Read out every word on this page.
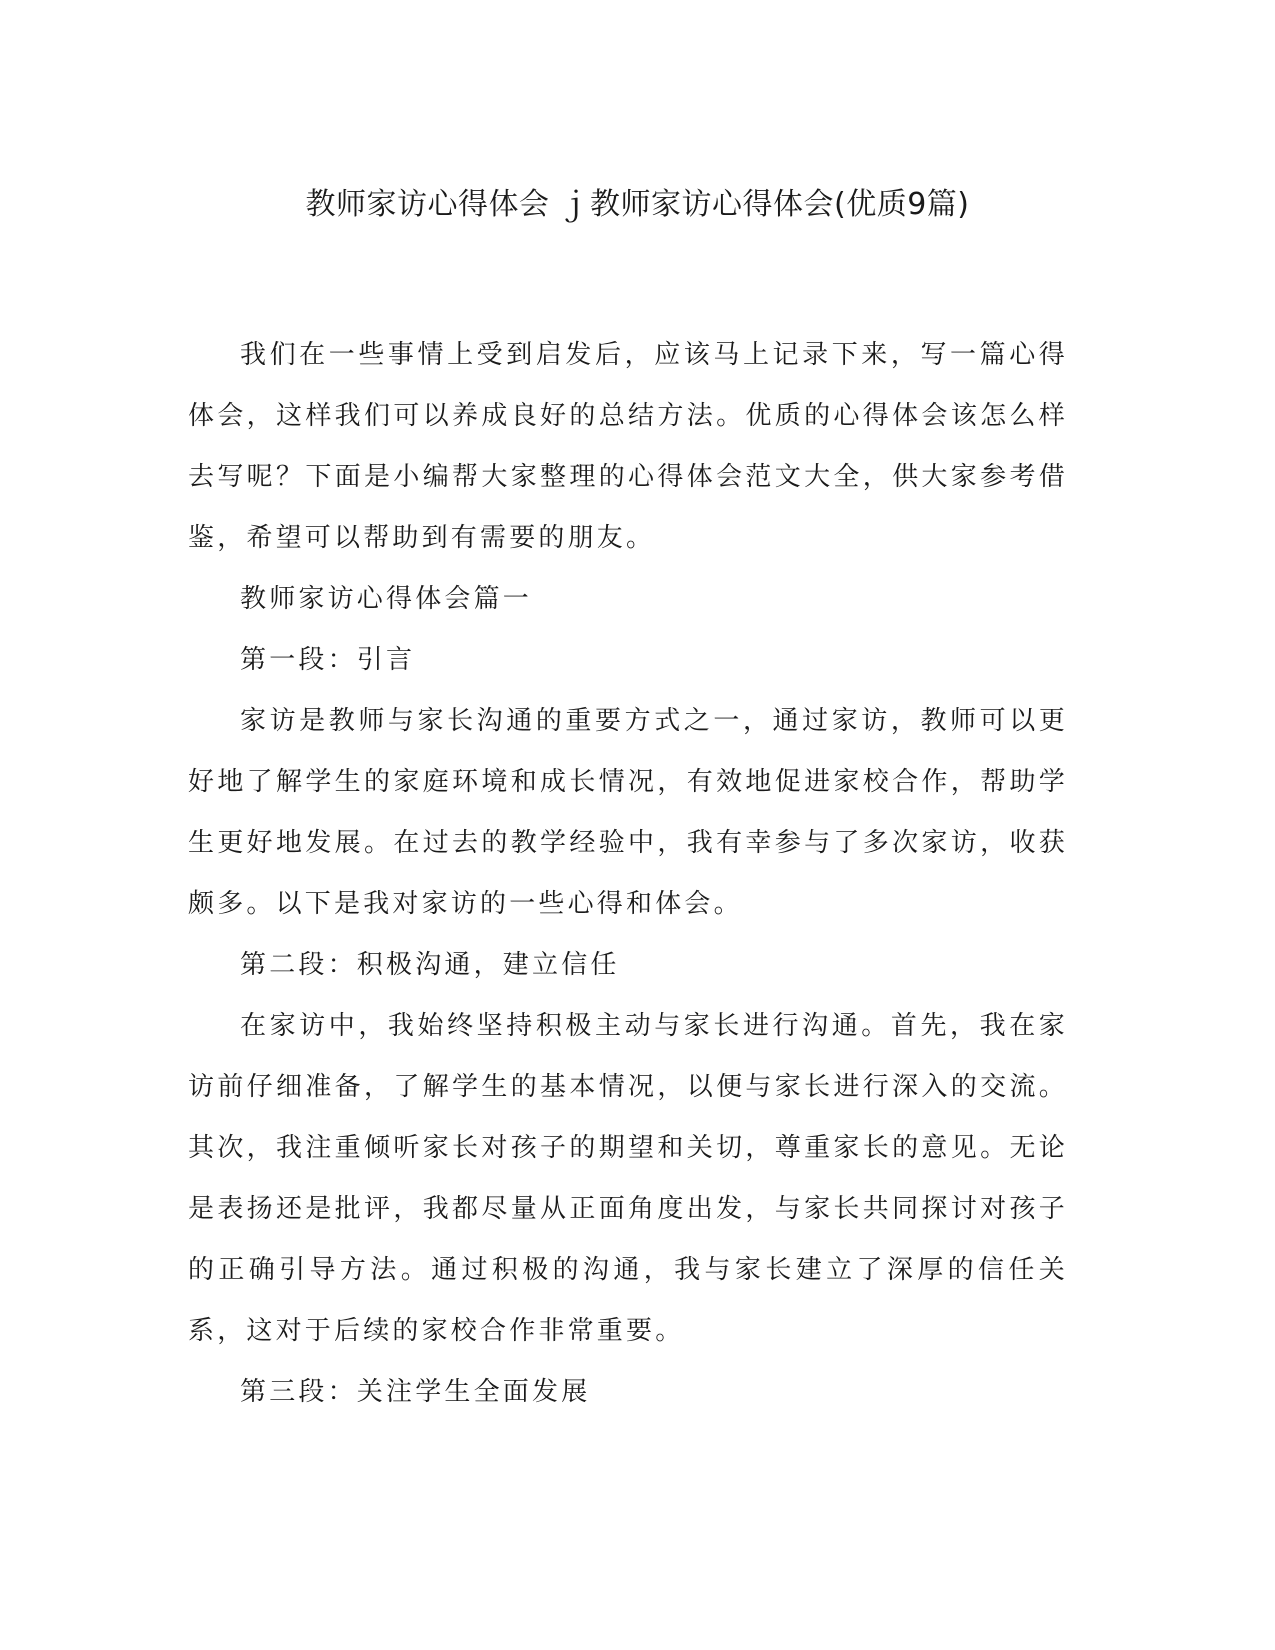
教师家访心得体会 ｊ教师家访心得体会(优质9篇)

我们在一些事情上受到启发后，应该马上记录下来，写一篇心得体会，这样我们可以养成良好的总结方法。优质的心得体会该怎么样去写呢？下面是小编帮大家整理的心得体会范文大全，供大家参考借鉴，希望可以帮助到有需要的朋友。

教师家访心得体会篇一

第一段：引言

家访是教师与家长沟通的重要方式之一，通过家访，教师可以更好地了解学生的家庭环境和成长情况，有效地促进家校合作，帮助学生更好地发展。在过去的教学经验中，我有幸参与了多次家访，收获颇多。以下是我对家访的一些心得和体会。

第二段：积极沟通，建立信任

在家访中，我始终坚持积极主动与家长进行沟通。首先，我在家访前仔细准备，了解学生的基本情况，以便与家长进行深入的交流。其次，我注重倾听家长对孩子的期望和关切，尊重家长的意见。无论是表扬还是批评，我都尽量从正面角度出发，与家长共同探讨对孩子的正确引导方法。通过积极的沟通，我与家长建立了深厚的信任关系，这对于后续的家校合作非常重要。

第三段：关注学生全面发展
